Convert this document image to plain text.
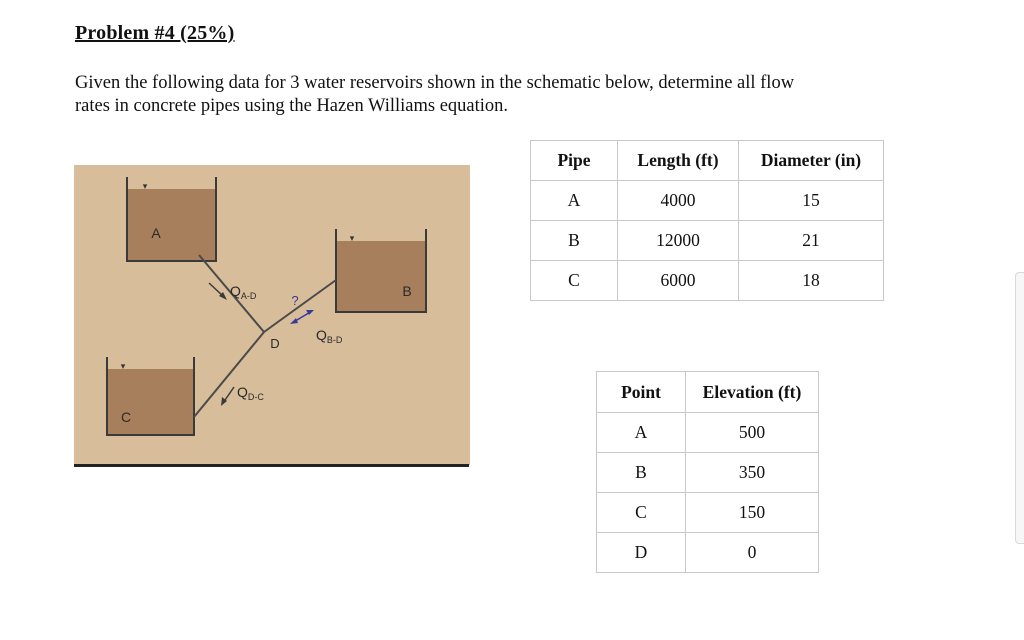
Problem #4 (25%)
Given the following data for 3 water reservoirs shown in the schematic below, determine all flow
rates in concrete pipes using the Hazen Williams equation.
▾
A	▾
B
▾
C
D
$Q_{A-D}$	?
$Q_{B-D}$
$Q_{D-C}$
Pipe	Length (ft)	Diameter (in)
A	4000	15
B	12000	21
C	6000	18
Point	Elevation (ft)
A	500
B	350
C	150
D	0
